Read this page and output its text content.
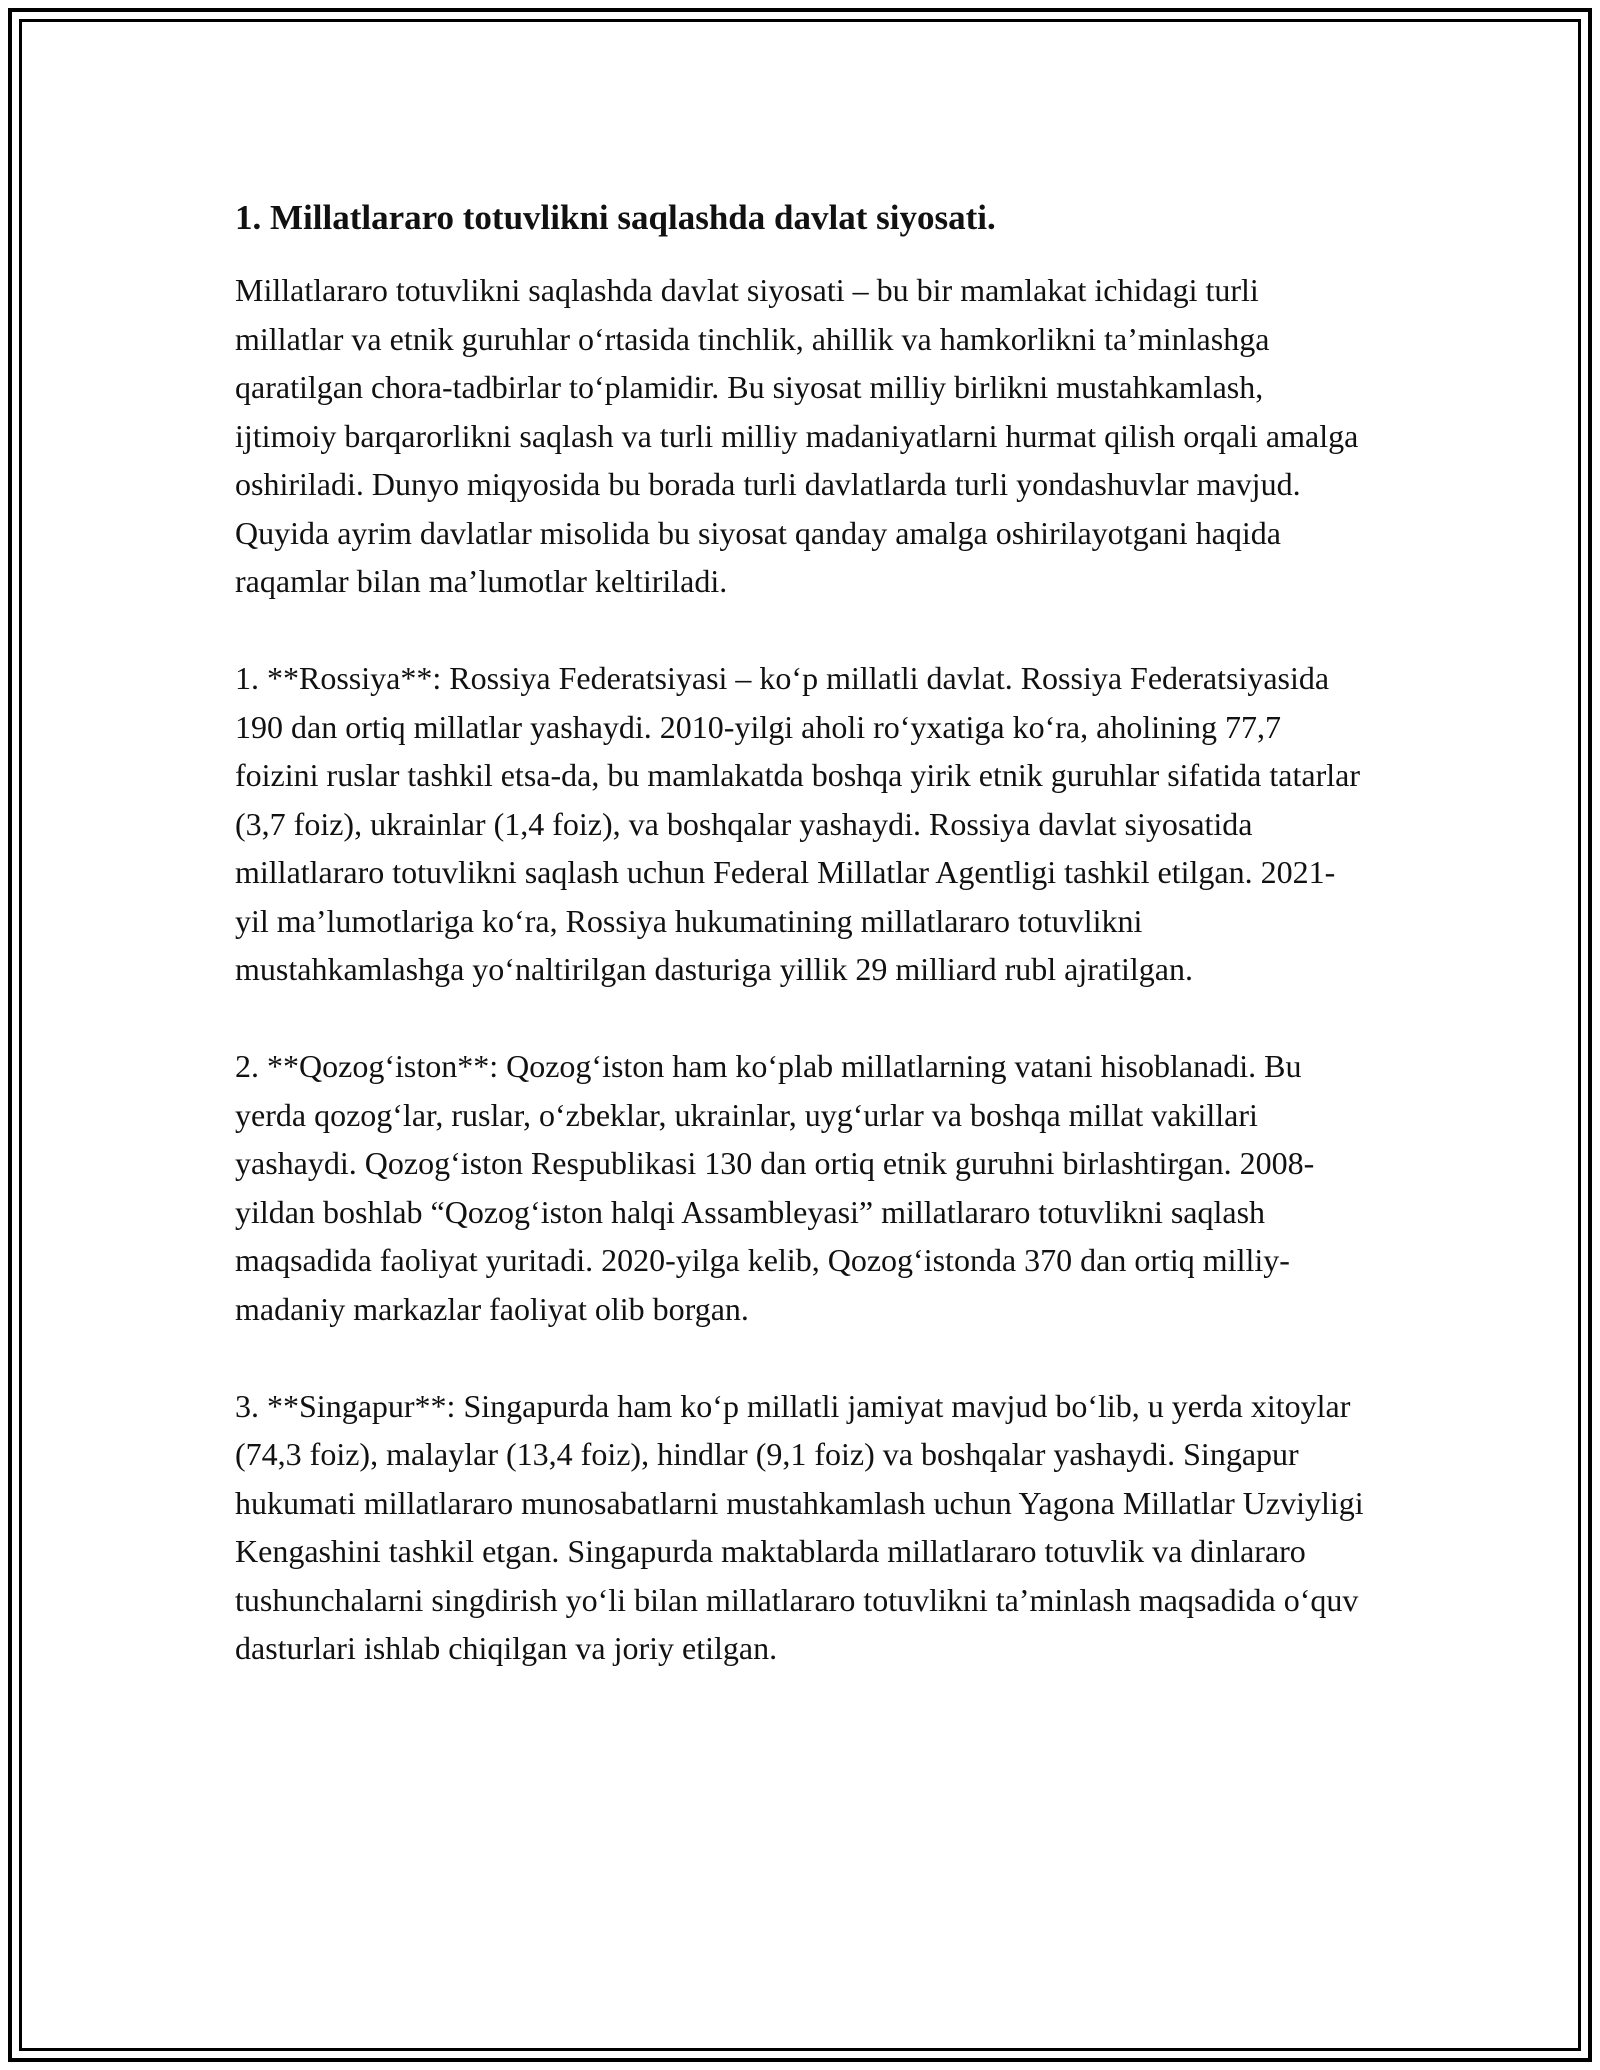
1. Millatlararo totuvlikni saqlashda davlat siyosati.

Millatlararo totuvlikni saqlashda davlat siyosati – bu bir mamlakat ichidagi turli millatlar va etnik guruhlar oʻrtasida tinchlik, ahillik va hamkorlikni taʼminlashga qaratilgan chora-tadbirlar toʻplamidir. Bu siyosat milliy birlikni mustahkamlash, ijtimoiy barqarorlikni saqlash va turli milliy madaniyatlarni hurmat qilish orqali amalga oshiriladi. Dunyo miqyosida bu borada turli davlatlarda turli yondashuvlar mavjud. Quyida ayrim davlatlar misolida bu siyosat qanday amalga oshirilayotgani haqida raqamlar bilan maʼlumotlar keltiriladi.

1. **Rossiya**: Rossiya Federatsiyasi – koʻp millatli davlat. Rossiya Federatsiyasida 190 dan ortiq millatlar yashaydi. 2010-yilgi aholi roʻyxatiga koʻra, aholining 77,7 foizini ruslar tashkil etsa-da, bu mamlakatda boshqa yirik etnik guruhlar sifatida tatarlar (3,7 foiz), ukrainlar (1,4 foiz), va boshqalar yashaydi. Rossiya davlat siyosatida millatlararo totuvlikni saqlash uchun Federal Millatlar Agentligi tashkil etilgan. 2021-yil maʼlumotlariga koʻra, Rossiya hukumatining millatlararo totuvlikni mustahkamlashga yoʻnaltirilgan dasturiga yillik 29 milliard rubl ajratilgan.

2. **Qozogʻiston**: Qozogʻiston ham koʻplab millatlarning vatani hisoblanadi. Bu yerda qozogʻlar, ruslar, oʻzbeklar, ukrainlar, uygʻurlar va boshqa millat vakillari yashaydi. Qozogʻiston Respublikasi 130 dan ortiq etnik guruhni birlashtirgan. 2008-yildan boshlab “Qozogʻiston halqi Assambleyasi” millatlararo totuvlikni saqlash maqsadida faoliyat yuritadi. 2020-yilga kelib, Qozogʻistonda 370 dan ortiq milliy-madaniy markazlar faoliyat olib borgan.

3. **Singapur**: Singapurda ham koʻp millatli jamiyat mavjud boʻlib, u yerda xitoylar (74,3 foiz), malaylar (13,4 foiz), hindlar (9,1 foiz) va boshqalar yashaydi. Singapur hukumati millatlararo munosabatlarni mustahkamlash uchun Yagona Millatlar Uzviyligi Kengashini tashkil etgan. Singapurda maktablarda millatlararo totuvlik va dinlararo tushunchalarni singdirish yoʻli bilan millatlararo totuvlikni taʼminlash maqsadida oʻquv dasturlari ishlab chiqilgan va joriy etilgan.
